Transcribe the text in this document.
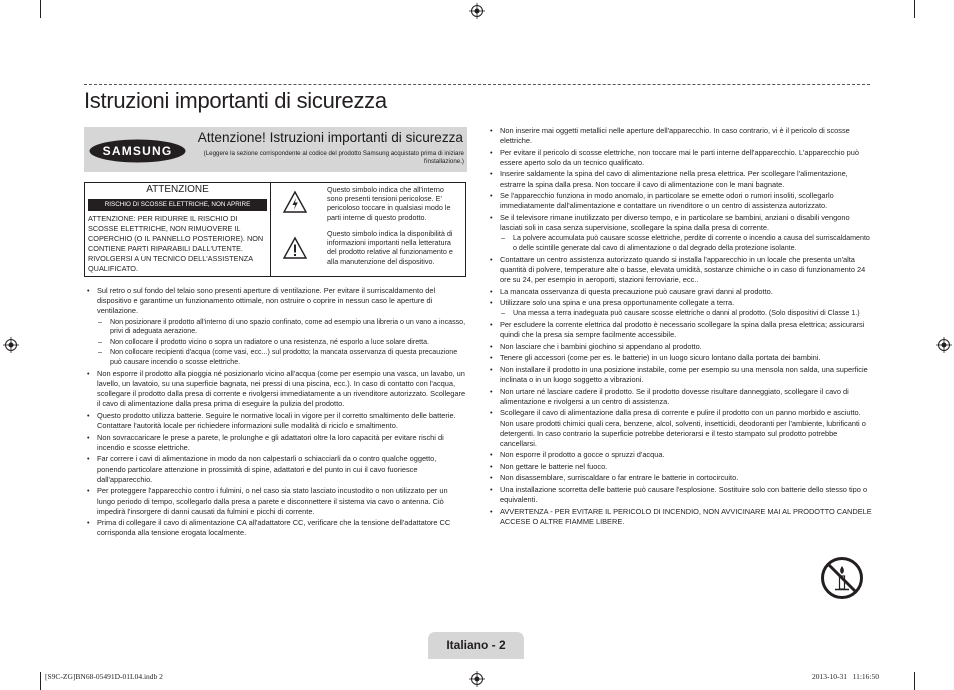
Istruzioni importanti di sicurezza
SAMSUNG
Attenzione! Istruzioni importanti di sicurezza
(Leggere la sezione corrispondente al codice del prodotto Samsung acquistato prima di iniziare l'installazione.)
ATTENZIONE
RISCHIO DI SCOSSE ELETTRICHE, NON APRIRE
ATTENZIONE: PER RIDURRE IL RISCHIO DI SCOSSE ELETTRICHE, NON RIMUOVERE IL COPERCHIO (O IL PANNELLO POSTERIORE). NON CONTIENE PARTI RIPARABILI DALL'UTENTE. RIVOLGERSI A UN TECNICO DELL'ASSISTENZA QUALIFICATO.
Questo simbolo indica che all'interno sono presenti tensioni pericolose. E' pericoloso toccare in qualsiasi modo le parti interne di questo prodotto.
Questo simbolo indica la disponibilità di informazioni importanti nella letteratura del prodotto relative al funzionamento e alla manutenzione del dispositivo.
• Sul retro o sul fondo del telaio sono presenti aperture di ventilazione. Per evitare il surriscaldamento del dispositivo e garantirne un funzionamento ottimale, non ostruire o coprire in nessun caso le aperture di ventilazione.
– Non posizionare il prodotto all'interno di uno spazio confinato, come ad esempio una libreria o un vano a incasso, privi di adeguata aerazione.
– Non collocare il prodotto vicino o sopra un radiatore o una resistenza, né esporlo a luce solare diretta.
– Non collocare recipienti d'acqua (come vasi, ecc...) sul prodotto; la mancata osservanza di questa precauzione può causare incendio o scosse elettriche.
• Non esporre il prodotto alla pioggia né posizionarlo vicino all'acqua (come per esempio una vasca, un lavabo, un lavello, un lavatoio, su una superficie bagnata, nei pressi di una piscina, ecc.). In caso di contatto con l'acqua, scollegare il prodotto dalla presa di corrente e rivolgersi immediatamente a un rivenditore autorizzato. Scollegare il cavo di alimentazione dalla presa prima di eseguire la pulizia del prodotto.
• Questo prodotto utilizza batterie. Seguire le normative locali in vigore per il corretto smaltimento delle batterie. Contattare l'autorità locale per richiedere informazioni sulle modalità di riciclo e smaltimento.
• Non sovraccaricare le prese a parete, le prolunghe e gli adattatori oltre la loro capacità per evitare rischi di incendio e scosse elettriche.
• Far correre i cavi di alimentazione in modo da non calpestarli o schiacciarli da o contro qualche oggetto, ponendo particolare attenzione in prossimità di spine, adattatori e del punto in cui il cavo fuoriesce dall'apparecchio.
• Per proteggere l'apparecchio contro i fulmini, o nel caso sia stato lasciato incustodito o non utilizzato per un lungo periodo di tempo, scollegarlo dalla presa a parete e disconnettere il sistema via cavo o antenna. Ciò impedirà l'insorgere di danni causati da fulmini e picchi di corrente.
• Prima di collegare il cavo di alimentazione CA all'adattatore CC, verificare che la tensione dell'adattatore CC corrisponda alla tensione erogata localmente.
• Non inserire mai oggetti metallici nelle aperture dell'apparecchio. In caso contrario, vi è il pericolo di scosse elettriche.
• Per evitare il pericolo di scosse elettriche, non toccare mai le parti interne dell'apparecchio. L'apparecchio può essere aperto solo da un tecnico qualificato.
• Inserire saldamente la spina del cavo di alimentazione nella presa elettrica. Per scollegare l'alimentazione, estrarre la spina dalla presa. Non toccare il cavo di alimentazione con le mani bagnate.
• Se l'apparecchio funziona in modo anomalo, in particolare se emette odori o rumori insoliti, scollegarlo immediatamente dall'alimentazione e contattare un rivenditore o un centro di assistenza autorizzato.
• Se il televisore rimane inutilizzato per diverso tempo, e in particolare se bambini, anziani o disabili vengono lasciati soli in casa senza supervisione, scollegare la spina dalla presa di corrente.
– La polvere accumulata può causare scosse elettriche, perdite di corrente o incendio a causa del surriscaldamento o delle scintille generate dal cavo di alimentazione o dal degrado della protezione isolante.
• Contattare un centro assistenza autorizzato quando si installa l'apparecchio in un locale che presenta un'alta quantità di polvere, temperature alte o basse, elevata umidità, sostanze chimiche o in caso di funzionamento 24 ore su 24, per esempio in aeroporti, stazioni ferroviarie, ecc..
• La mancata osservanza di questa precauzione può causare gravi danni al prodotto.
• Utilizzare solo una spina e una presa opportunamente collegate a terra.
– Una messa a terra inadeguata può causare scosse elettriche o danni al prodotto. (Solo dispositivi di Classe 1.)
• Per escludere la corrente elettrica dal prodotto è necessario scollegare la spina dalla presa elettrica; assicurarsi quindi che la presa sia sempre facilmente accessibile.
• Non lasciare che i bambini giochino si appendano al prodotto.
• Tenere gli accessori (come per es. le batterie) in un luogo sicuro lontano dalla portata dei bambini.
• Non installare il prodotto in una posizione instabile, come per esempio su una mensola non salda, una superficie inclinata o in un luogo soggetto a vibrazioni.
• Non urtare né lasciare cadere il prodotto. Se il prodotto dovesse risultare danneggiato, scollegare il cavo di alimentazione e rivolgersi a un centro di assistenza.
• Scollegare il cavo di alimentazione dalla presa di corrente e pulire il prodotto con un panno morbido e asciutto. Non usare prodotti chimici quali cera, benzene, alcol, solventi, insetticidi, deodoranti per l'ambiente, lubrificanti o detergenti. In caso contrario la superficie potrebbe deteriorarsi e il testo stampato sul prodotto potrebbe cancellarsi.
• Non esporre il prodotto a gocce o spruzzi d'acqua.
• Non gettare le batterie nel fuoco.
• Non disassemblare, surriscaldare o far entrare le batterie in cortocircuito.
• Una installazione scorretta delle batterie può causare l'esplosione. Sostituire solo con batterie dello stesso tipo o equivalenti.
• AVVERTENZA - PER EVITARE IL PERICOLO DI INCENDIO, NON AVVICINARE MAI AL PRODOTTO CANDELE ACCESE O ALTRE FIAMME LIBERE.
Italiano - 2
[S9C-ZG]BN68-05491D-01L04.indb 2	2013-10-31   11:16:50
